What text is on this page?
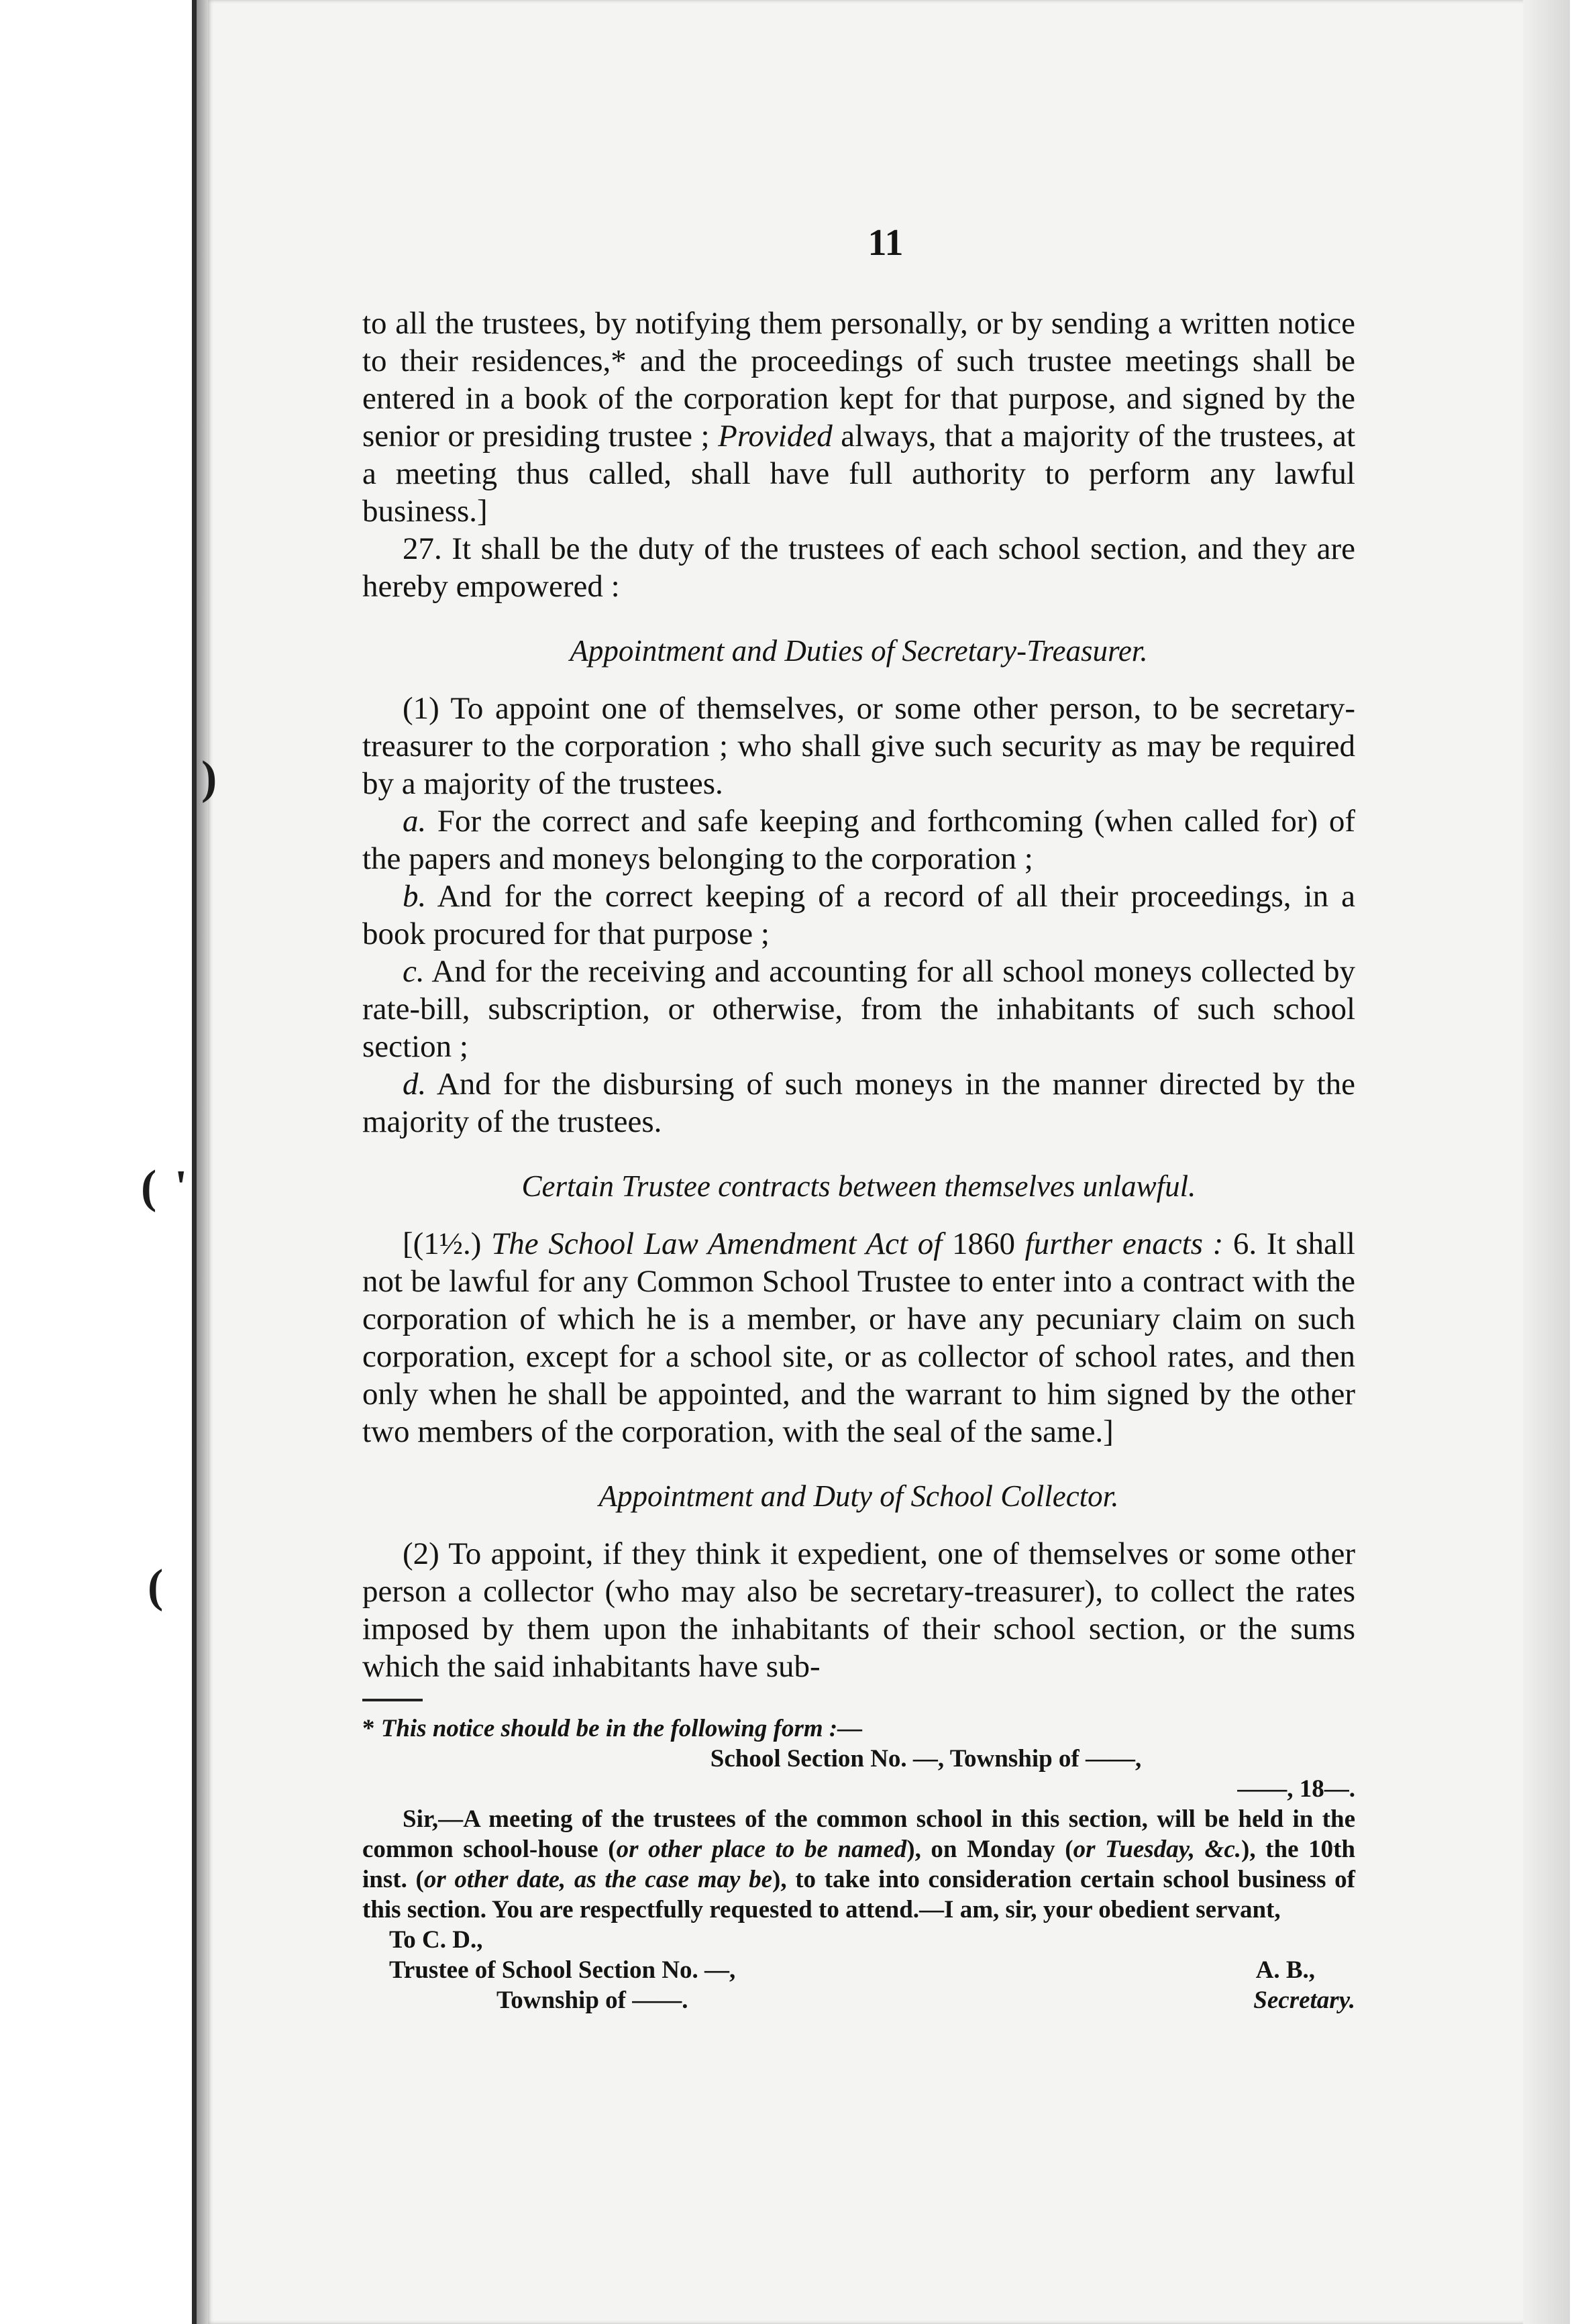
)
( '
(
11

to all the trustees, by notifying them personally, or by sending a written notice to their residences,* and the proceedings of such trustee meetings shall be entered in a book of the corporation kept for that purpose, and signed by the senior or presiding trustee ; Provided always, that a majority of the trustees, at a meeting thus called, shall have full authority to perform any lawful business.]

27. It shall be the duty of the trustees of each school section, and they are hereby empowered :

Appointment and Duties of Secretary-Treasurer.

(1) To appoint one of themselves, or some other person, to be secretary-treasurer to the corporation ; who shall give such security as may be required by a majority of the trustees.

a. For the correct and safe keeping and forthcoming (when called for) of the papers and moneys belonging to the corporation ;

b. And for the correct keeping of a record of all their proceedings, in a book procured for that purpose ;

c. And for the receiving and accounting for all school moneys collected by rate-bill, subscription, or otherwise, from the inhabitants of such school section ;

d. And for the disbursing of such moneys in the manner directed by the majority of the trustees.

Certain Trustee contracts between themselves unlawful.

[(1½.) The School Law Amendment Act of 1860 further enacts : 6. It shall not be lawful for any Common School Trustee to enter into a contract with the corporation of which he is a member, or have any pecuniary claim on such corporation, except for a school site, or as collector of school rates, and then only when he shall be appointed, and the warrant to him signed by the other two members of the corporation, with the seal of the same.]

Appointment and Duty of School Collector.

(2) To appoint, if they think it expedient, one of themselves or some other person a collector (who may also be secretary-treasurer), to collect the rates imposed by them upon the inhabitants of their school section, or the sums which the said inhabitants have sub-

* This notice should be in the following form :—
School Section No. —, Township of ——,
——, 18—.

Sir,—A meeting of the trustees of the common school in this section, will be held in the common school-house (or other place to be named), on Monday (or Tuesday, &c.), the 10th inst. (or other date, as the case may be), to take into consideration certain school business of this section. You are respectfully requested to attend.—I am, sir, your obedient servant,

To C. D.,
Trustee of School Section No. —,	A. B.,
Township of ——.	Secretary.
